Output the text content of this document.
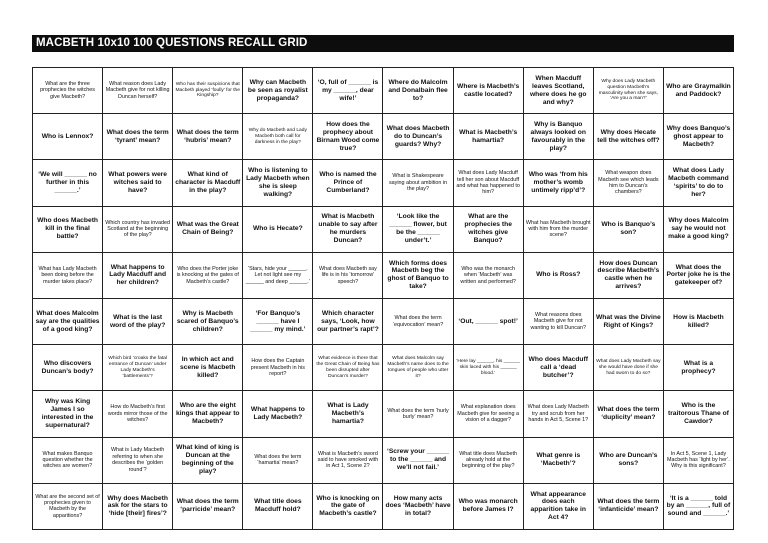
MACBETH 10x10 100 QUESTIONS RECALL GRID
What are the three prophecies the witches give Macbeth?
What reason does Lady Macbeth give for not killing Duncan herself?
Who has their suspicions that Macbeth played ‘foully’ for the Kingship?
Why can Macbeth be seen as royalist propaganda?
‘O, full of ______ is my ______, dear wife!’
Where do Malcolm and Donalbain flee to?
Where is Macbeth’s castle located?
When Macduff leaves Scotland, where does he go and why?
Why does Lady Macbeth question Macbeth’s masculinity when she says, ‘Are you a man?’
Who are Graymalkin and Paddock?
Who is Lennox?
What does the term ‘tyrant’ mean?
What does the term ‘hubris’ mean?
Why do Macbeth and Lady Macbeth both call for darkness in the play?
How does the prophecy about Birnam Wood come true?
What does Macbeth do to Duncan’s guards? Why?
What is Macbeth’s hamartia?
Why is Banquo always looked on favourably in the play?
Why does Hecate tell the witches off?
Why does Banquo’s ghost appear to Macbeth?
‘We will ______ no further in this ______.’
What powers were witches said to have?
What kind of character is Macduff in the play?
Who is listening to Lady Macbeth when she is sleep walking?
Who is named the Prince of Cumberland?
What is Shakespeare saying about ambition in the play?
What does Lady Macduff tell her son about Macduff and what has happened to him?
Who was ‘from his mother’s womb untimely ripp’d’?
What weapon does Macbeth see which leads him to Duncan’s chambers?
What does Lady Macbeth command ‘spirits’ to do to her?
Who does Macbeth kill in the final battle?
Which country has invaded Scotland at the beginning of the play?
What was the Great Chain of Being?
Who is Hecate?
What is Macbeth unable to say after he murders Duncan?
‘Look like the ______ flower, but be the ______ under’t.’
What are the prophecies the witches give Banquo?
What has Macbeth brought with him from the murder scene?
Who is Banquo’s son?
Why does Malcolm say he would not make a good king?
What has Lady Macbeth been doing before the murder takes place?
What happens to Lady Macduff and her children?
Who does the Porter joke is knocking at the gates of Macbeth’s castle?
‘Stars, hide your ______. Let not light see my ______ and deep ______.’
What does Macbeth say life is in his ‘tomorrow’ speech?
Which forms does Macbeth beg the ghost of Banquo to take?
Who was the monarch when ‘Macbeth’ was written and performed?
Who is Ross?
How does Duncan describe Macbeth’s castle when he arrives?
What does the Porter joke he is the gatekeeper of?
What does Malcolm say are the qualities of a good king?
What is the last word of the play?
Why is Macbeth scared of Banquo’s children?
‘For Banquo’s ______ have I ______ my mind.’
Which character says, ‘Look, how our partner’s rapt’?
What does the term ‘equivocation’ mean?	‘Out, ______ spot!’
What reasons does Macbeth give for not wanting to kill Duncan?
What was the Divine Right of Kings?
How is Macbeth killed?
Who discovers Duncan’s body?
Which bird ‘croaks the fatal entrance of Duncan’ under Lady Macbeth’s ‘battlements’?
In which act and scene is Macbeth killed?
How does the Captain present Macbeth in his report?
What evidence is there that the Great Chain of Being has been disrupted after Duncan’s murder?
What does Malcolm say Macbeth’s name does to the tongues of people who utter it?
‘Here lay ______, his ______ skin laced with his ______ blood.’
Who does Macduff call a ‘dead butcher’?
What does Lady Macbeth say she would have done if she had sworn to do so?
What is a prophecy?
Why was King James I so interested in the supernatural?
How do Macbeth’s first words mirror those of the witches?
Who are the eight kings that appear to Macbeth?
What happens to Lady Macbeth?
What is Lady Macbeth’s hamartia?
What does the term ‘hurly burly’ mean?
What explanation does Macbeth give for seeing a vision of a dagger?
What does Lady Macbeth try and scrub from her hands in Act 5, Scene 1?
What does the term ‘duplicity’ mean?
Who is the traitorous Thane of Cawdor?
What makes Banquo question whether the witches are women?
What is Lady Macbeth referring to when she describes the ‘golden round’?
What kind of king is Duncan at the beginning of the play?
What does the term ‘hamartia’ mean?
What is Macbeth’s sword said to have smoked with in Act 1, Scene 2?
‘Screw your ______ to the ______ and we’ll not fail.’
What title does Macbeth already hold at the beginning of the play?
What genre is ‘Macbeth’?
Who are Duncan’s sons?
In Act 5, Scene 1, Lady Macbeth has ‘light by her’. Why is this significant?
What are the second set of prophecies given to Macbeth by the apparitions?
Why does Macbeth ask for the stars to ‘hide [their] fires’?
What does the term ‘parricide’ mean?
What title does Macduff hold?
Who is knocking on the gate of Macbeth’s castle?
How many acts does ‘Macbeth’ have in total?
Who was monarch before James I?
What appearance does each apparition take in Act 4?
What does the term ‘infanticide’ mean?
‘It is a ______ told by an ______, full of sound and ______.’
